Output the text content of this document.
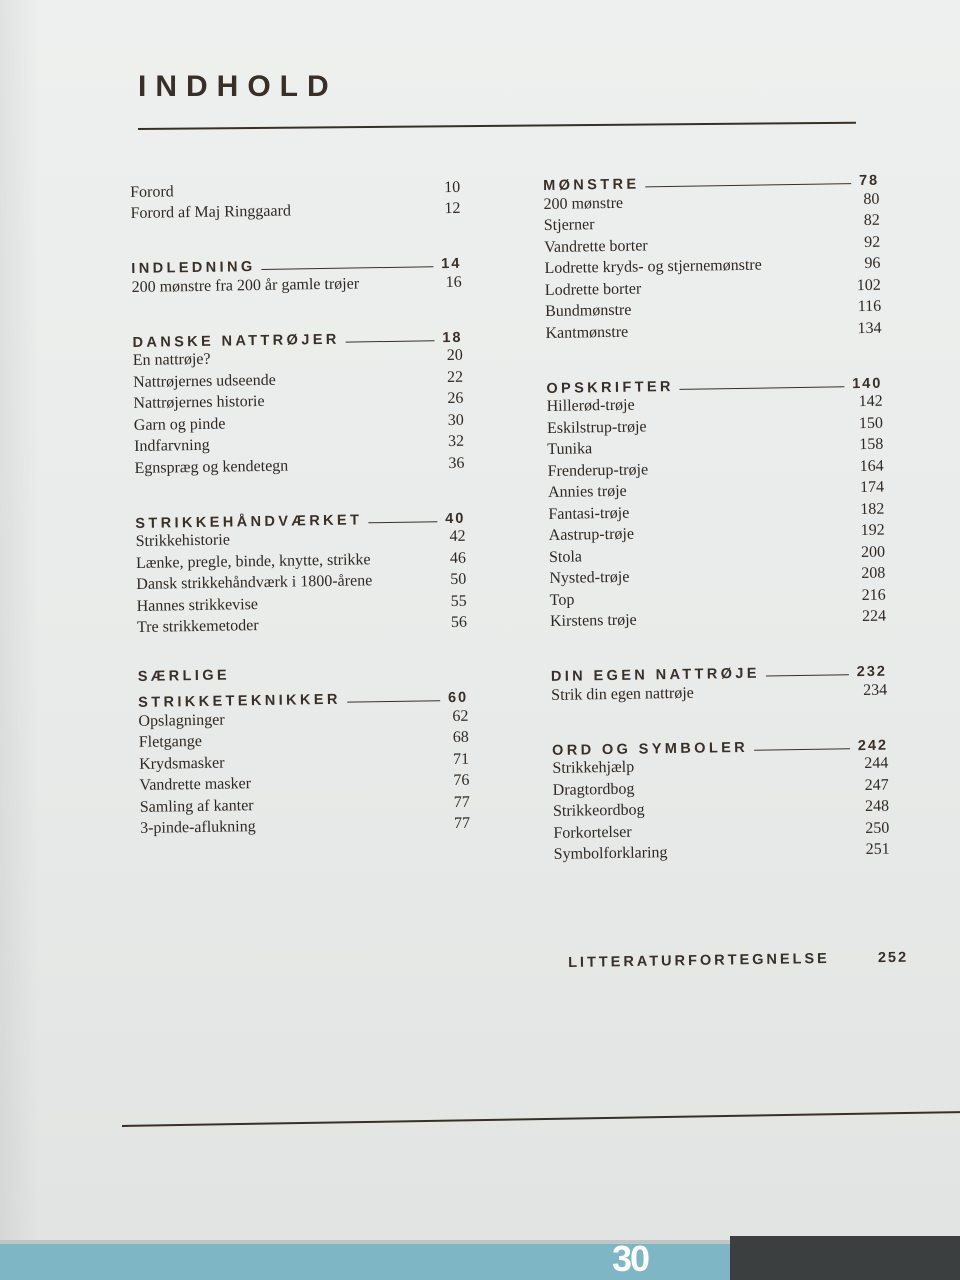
INDHOLD
Forord	10
Forord af Maj Ringgaard	12
INDLEDNING	14
200 mønstre fra 200 år gamle trøjer	16
DANSKE NATTRØJER	18
En nattrøje?	20
Nattrøjernes udseende	22
Nattrøjernes historie	26
Garn og pinde	30
Indfarvning	32
Egnspræg og kendetegn	36
STRIKKEHÅNDVÆRKET	40
Strikkehistorie	42
Lænke, pregle, binde, knytte, strikke	46
Dansk strikkehåndværk i 1800-årene	50
Hannes strikkevise	55
Tre strikkemetoder	56
SÆRLIGE
STRIKKETEKNIKKER	60
Opslagninger	62
Fletgange	68
Krydsmasker	71
Vandrette masker	76
Samling af kanter	77
3-pinde-aflukning	77
MØNSTRE	78
200 mønstre	80
Stjerner	82
Vandrette borter	92
Lodrette kryds- og stjernemønstre	96
Lodrette borter	102
Bundmønstre	116
Kantmønstre	134
OPSKRIFTER	140
Hillerød-trøje	142
Eskilstrup-trøje	150
Tunika	158
Frenderup-trøje	164
Annies trøje	174
Fantasi-trøje	182
Aastrup-trøje	192
Stola	200
Nysted-trøje	208
Top	216
Kirstens trøje	224
DIN EGEN NATTRØJE	232
Strik din egen nattrøje	234
ORD OG SYMBOLER	242
Strikkehjælp	244
Dragtordbog	247
Strikkeordbog	248
Forkortelser	250
Symbolforklaring	251
LITTERATURFORTEGNELSE	252
30
